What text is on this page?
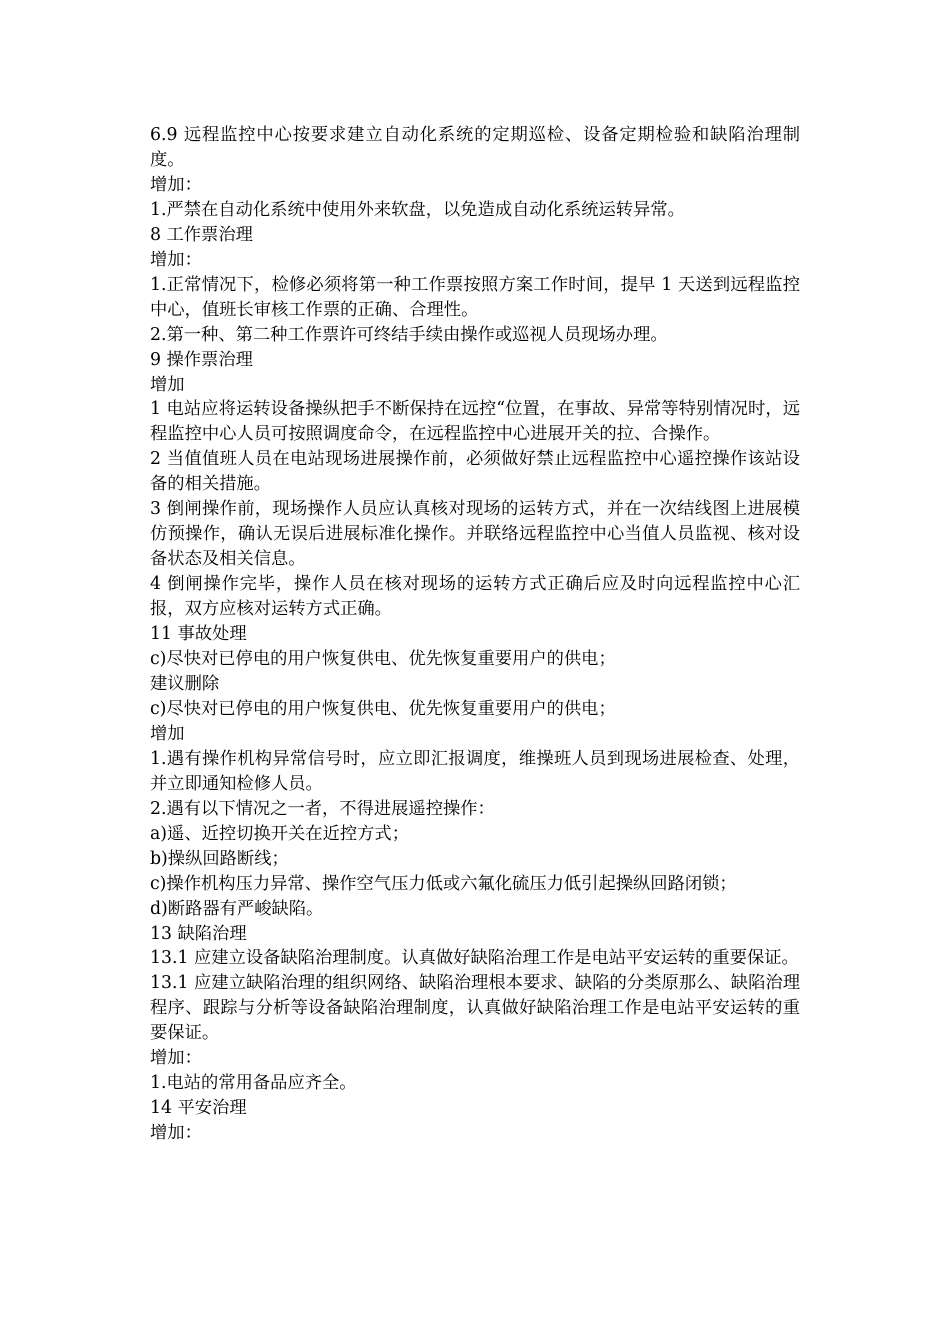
6.9 远程监控中心按要求建立自动化系统的定期巡检、设备定期检验和缺陷治理制度。

增加：

1.严禁在自动化系统中使用外来软盘，以免造成自动化系统运转异常。

8 工作票治理

增加：

1.正常情况下，检修必须将第一种工作票按照方案工作时间，提早 1 天送到远程监控中心，值班长审核工作票的正确、合理性。

2.第一种、第二种工作票许可终结手续由操作或巡视人员现场办理。

9 操作票治理

增加

1 电站应将运转设备操纵把手不断保持在远控“位置，在事故、异常等特别情况时，远程监控中心人员可按照调度命令，在远程监控中心进展开关的拉、合操作。

2 当值值班人员在电站现场进展操作前，必须做好禁止远程监控中心遥控操作该站设备的相关措施。

3 倒闸操作前，现场操作人员应认真核对现场的运转方式，并在一次结线图上进展模仿预操作，确认无误后进展标准化操作。并联络远程监控中心当值人员监视、核对设备状态及相关信息。

4 倒闸操作完毕，操作人员在核对现场的运转方式正确后应及时向远程监控中心汇报，双方应核对运转方式正确。

11 事故处理

c)尽快对已停电的用户恢复供电、优先恢复重要用户的供电；

建议删除

c)尽快对已停电的用户恢复供电、优先恢复重要用户的供电；

增加

1.遇有操作机构异常信号时，应立即汇报调度，维操班人员到现场进展检查、处理，并立即通知检修人员。

2.遇有以下情况之一者，不得进展遥控操作：

a)遥、近控切换开关在近控方式；

b)操纵回路断线；

c)操作机构压力异常、操作空气压力低或六氟化硫压力低引起操纵回路闭锁；

d)断路器有严峻缺陷。

13 缺陷治理

13.1 应建立设备缺陷治理制度。认真做好缺陷治理工作是电站平安运转的重要保证。

13.1 应建立缺陷治理的组织网络、缺陷治理根本要求、缺陷的分类原那么、缺陷治理程序、跟踪与分析等设备缺陷治理制度，认真做好缺陷治理工作是电站平安运转的重要保证。

增加：

1.电站的常用备品应齐全。

14 平安治理

增加：
